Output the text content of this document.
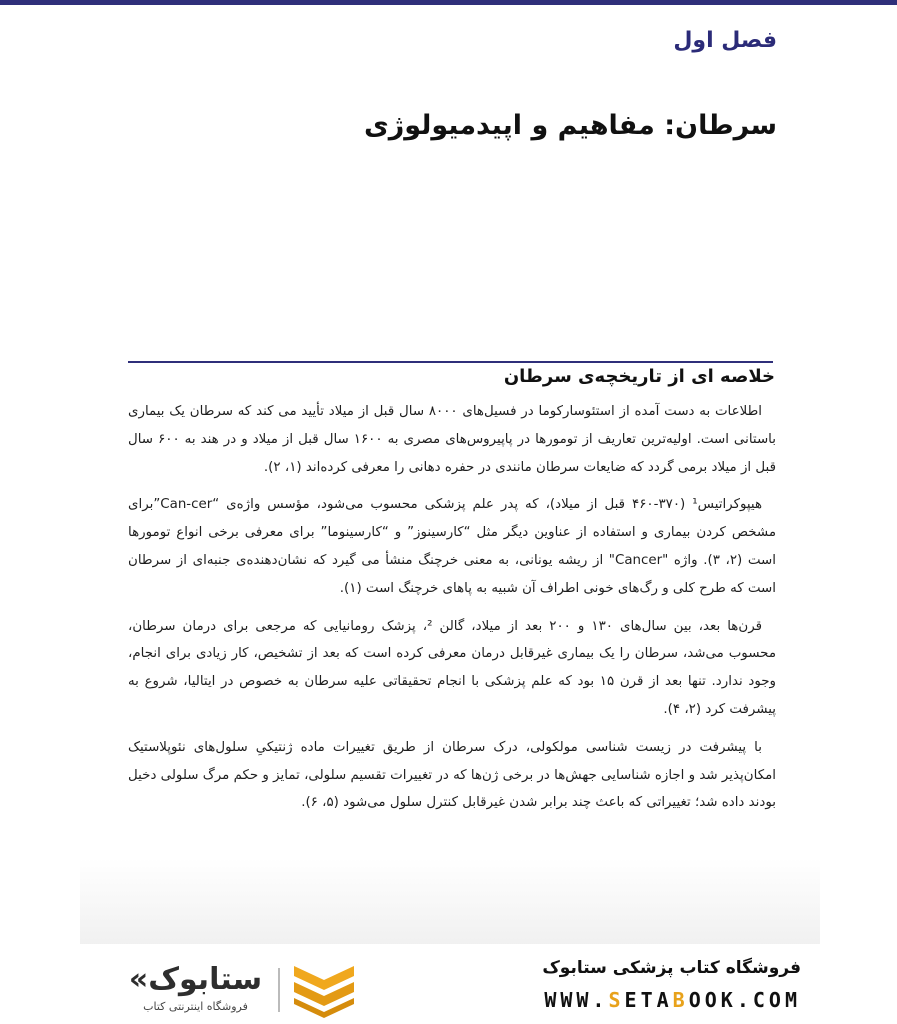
فصل اول
سرطان: مفاهیم و اپیدمیولوژی
خلاصه ای از تاریخچه‌ی سرطان

اطلاعات به دست آمده از استئوسارکوما در فسیل‌های ۸۰۰۰ سال قبل از میلاد تأیید می کند که سرطان یک بیماری باستانی است. اولیه‌ترین تعاریف از تومورها در پاپیروس‌های مصری به ۱۶۰۰ سال قبل از میلاد و در هند به ۶۰۰ سال قبل از میلاد برمی گردد که ضایعات سرطان مانندی در حفره دهانی را معرفی کرده‌اند (۱، ۲).

هیپوکراتیس¹ (۳۷۰-۴۶۰ قبل از میلاد)، که پدر علم پزشکی محسوب می‌شود، مؤسس واژه‌ی “Can-cer”برای مشخص کردن بیماری و استفاده از عناوین دیگر مثل “کارسینوز” و “کارسینوما” برای معرفی برخی انواع تومورها است (۲، ۳). واژه "Cancer" از ریشه یونانی، به معنی خرچنگ منشأ می گیرد که نشان‌دهنده‌ی جنبه‌ای از سرطان است که طرح کلی و رگ‌های خونی اطراف آن شبیه به پاهای خرچنگ است (۱).

قرن‌ها بعد، بین سال‌های ۱۳۰ و ۲۰۰ بعد از میلاد، گالن ²، پزشک رومانیایی که مرجعی برای درمان سرطان، محسوب می‌شد، سرطان را یک بیماری غیرقابل درمان معرفی کرده است که بعد از تشخیص، کار زیادی برای انجام، وجود ندارد. تنها بعد از قرن ۱۵ بود که علم پزشکی با انجام تحقیقاتی علیه سرطان به خصوص در ایتالیا، شروع به پیشرفت کرد (۲، ۴).

با پیشرفت در زیست شناسی مولکولی، درک سرطان از طریق تغییرات ماده ژنتیکیِ سلول‌های نئوپلاستیک امکان‌پذیر شد و اجازه شناسایی جهش‌ها در برخی ژن‌ها که در تغییرات تقسیم سلولی، تمایز و حکم مرگ سلولی دخیل بودند داده شد؛ تغییراتی که باعث چند برابر شدن غیرقابل کنترل سلول می‌شود (۵، ۶).

«ستابوک
فروشگاه اینترنتی کتاب
فروشگاه کتاب پزشکی ستابوک
WWW.SETABOOK.COM
